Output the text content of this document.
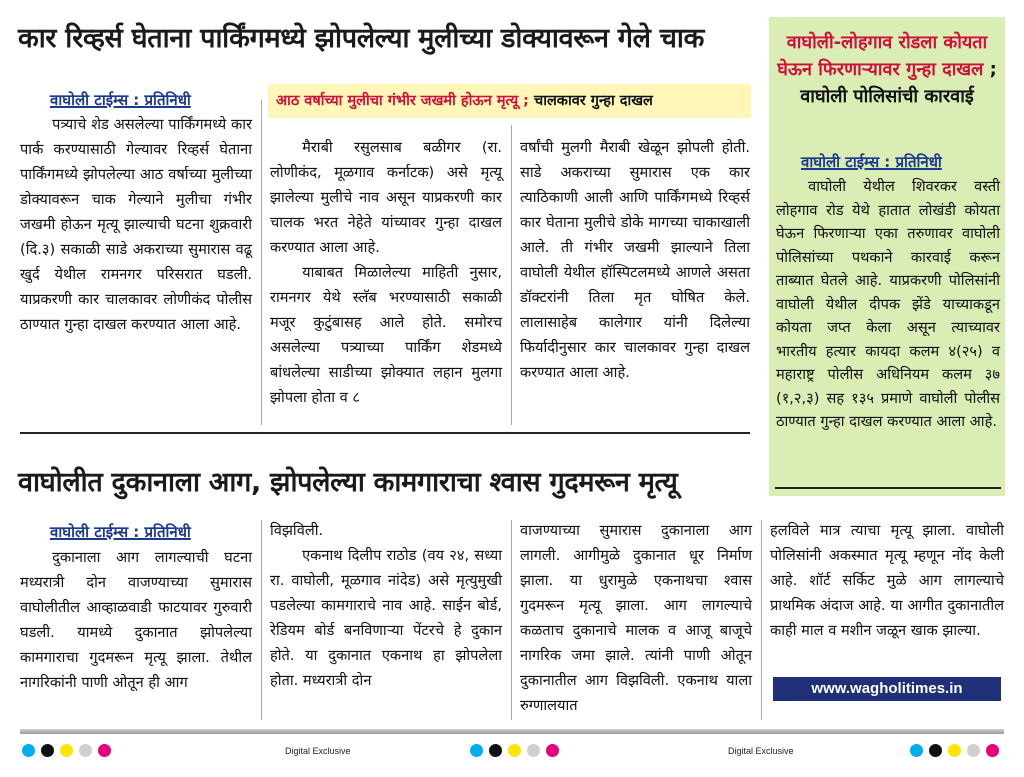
कार रिव्हर्स घेताना पार्किंगमध्ये झोपलेल्या मुलीच्या डोक्यावरून गेले चाक
वाघोली टाईम्स : प्रतिनिधी	आठ वर्षाच्या मुलीचा गंभीर जखमी होऊन मृत्यू ; चालकावर गुन्हा दाखल

पत्र्याचे शेड असलेल्या पार्किंगमध्ये कार पार्क करण्यासाठी गेल्यावर रिव्हर्स घेताना पार्किंगमध्ये झोपलेल्या आठ वर्षाच्या मुलीच्या डोक्यावरून चाक गेल्याने मुलीचा गंभीर जखमी होऊन मृत्यू झाल्याची घटना शुक्रवारी (दि.३) सकाळी साडे अकराच्या सुमारास वढू खुर्द येथील रामनगर परिसरात घडली. याप्रकरणी कार चालकावर लोणीकंद पोलीस ठाण्यात गुन्हा दाखल करण्यात आला आहे.

मैराबी रसुलसाब बळीगर (रा. लोणीकंद, मूळगाव कर्नाटक) असे मृत्यू झालेल्या मुलीचे नाव असून याप्रकरणी कार चालक भरत नेहेते यांच्यावर गुन्हा दाखल करण्यात आला आहे.

याबाबत मिळालेल्या माहिती नुसार, रामनगर येथे स्लॅब भरण्यासाठी सकाळी मजूर कुटुंबासह आले होते. समोरच असलेल्या पत्र्याच्या पार्किंग शेडमध्ये बांधलेल्या साडीच्या झोक्यात लहान मुलगा झोपला होता व ८

वर्षांची मुलगी मैराबी खेळून झोपली होती. साडे अकराच्या सुमारास एक कार त्याठिकाणी आली आणि पार्किंगमध्ये रिव्हर्स कार घेताना मुलीचे डोके मागच्या चाकाखाली आले. ती गंभीर जखमी झाल्याने तिला वाघोली येथील हॉस्पिटलमध्ये आणले असता डॉक्टरांनी तिला मृत घोषित केले. लालासाहेब कालेगार यांनी दिलेल्या फिर्यादीनुसार कार चालकावर गुन्हा दाखल करण्यात आला आहे.

वाघोली-लोहगाव रोडला कोयता घेऊन फिरणाऱ्यावर गुन्हा दाखल ; वाघोली पोलिसांची कारवाई
वाघोली टाईम्स : प्रतिनिधी

वाघोली येथील शिवरकर वस्ती लोहगाव रोड येथे हातात लोखंडी कोयता घेऊन फिरणाऱ्या एका तरुणावर वाघोली पोलिसांच्या पथकाने कारवाई करून ताब्यात घेतले आहे. याप्रकरणी पोलिसांनी वाघोली येथील दीपक झेंडे याच्याकडून कोयता जप्त केला असून त्याच्यावर भारतीय हत्यार कायदा कलम ४(२५) व महाराष्ट्र पोलीस अधिनियम कलम ३७ (१,२,३) सह १३५ प्रमाणे वाघोली पोलीस ठाण्यात गुन्हा दाखल करण्यात आला आहे.

वाघोलीत दुकानाला आग, झोपलेल्या कामगाराचा श्वास गुदमरून मृत्यू
वाघोली टाईम्स : प्रतिनिधी

दुकानाला आग लागल्याची घटना मध्यरात्री दोन वाजण्याच्या सुमारास वाघोलीतील आव्हाळवाडी फाटयावर गुरुवारी घडली. यामध्ये दुकानात झोपलेल्या कामगाराचा गुदमरून मृत्यू झाला. तेथील नागरिकांनी पाणी ओतून ही आग

विझविली.

एकनाथ दिलीप राठोड (वय २४, सध्या रा. वाघोली, मूळगाव नांदेड) असे मृत्युमुखी पडलेल्या कामगाराचे नाव आहे. साईन बोर्ड, रेडियम बोर्ड बनविणाऱ्या पेंटरचे हे दुकान होते. या दुकानात एकनाथ हा झोपलेला होता. मध्यरात्री दोन

वाजण्याच्या सुमारास दुकानाला आग लागली. आगीमुळे दुकानात धूर निर्माण झाला. या धुरामुळे एकनाथचा श्वास गुदमरून मृत्यू झाला. आग लागल्याचे कळताच दुकानाचे मालक व आजू बाजूचे नागरिक जमा झाले. त्यांनी पाणी ओतून दुकानातील आग विझविली. एकनाथ याला रुग्णालयात

हलविले मात्र त्याचा मृत्यू झाला. वाघोली पोलिसांनी अकस्मात मृत्यू म्हणून नोंद केली आहे. शॉर्ट सर्किट मुळे आग लागल्याचे प्राथमिक अंदाज आहे. या आगीत दुकानातील काही माल व मशीन जळून खाक झाल्या.

www.wagholitimes.in
Digital Exclusive	Digital Exclusive
